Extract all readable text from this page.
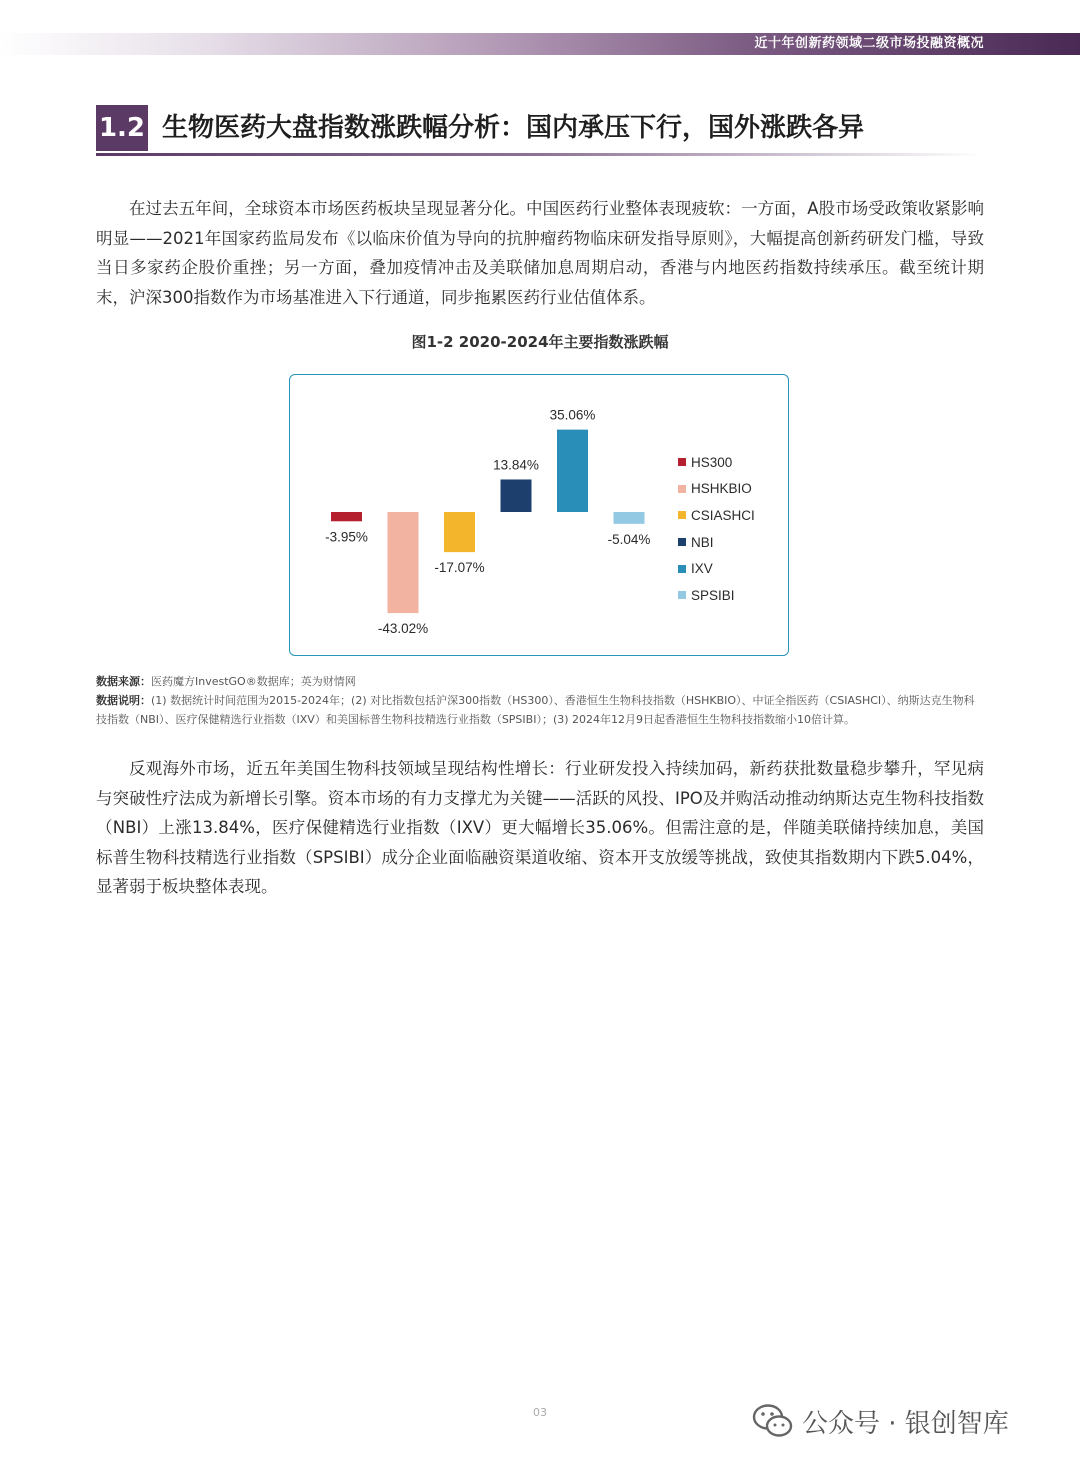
近十年创新药领域二级市场投融资概况
1.2 生物医药大盘指数涨跌幅分析：国内承压下行，国外涨跌各异
在过去五年间，全球资本市场医药板块呈现显著分化。中国医药行业整体表现疲软：一方面，A股市场受政策收紧影响明显——2021年国家药监局发布《以临床价值为导向的抗肿瘤药物临床研发指导原则》，大幅提高创新药研发门槛，导致当日多家药企股价重挫；另一方面，叠加疫情冲击及美联储加息周期启动，香港与内地医药指数持续承压。截至统计期末，沪深300指数作为市场基准进入下行通道，同步拖累医药行业估值体系。
图1-2 2020-2024年主要指数涨跌幅
-3.95%
-43.02%
-17.07%
13.84%
35.06%
-5.04%
HS300
HSHKBIO
CSIASHCI
NBI
IXV
SPSIBI
数据来源：医药魔方InvestGO®数据库；英为财情网
数据说明：(1) 数据统计时间范围为2015-2024年；(2) 对比指数包括沪深300指数（HS300）、香港恒生生物科技指数（HSHKBIO）、中证全指医药（CSIASHCI）、纳斯达克生物科技指数（NBI）、医疗保健精选行业指数（IXV）和美国标普生物科技精选行业指数（SPSIBI）；(3) 2024年12月9日起香港恒生生物科技指数缩小10倍计算。
反观海外市场，近五年美国生物科技领域呈现结构性增长：行业研发投入持续加码，新药获批数量稳步攀升，罕见病与突破性疗法成为新增长引擎。资本市场的有力支撑尤为关键——活跃的风投、IPO及并购活动推动纳斯达克生物科技指数（NBI）上涨13.84%，医疗保健精选行业指数（IXV）更大幅增长35.06%。但需注意的是，伴随美联储持续加息，美国标普生物科技精选行业指数（SPSIBI）成分企业面临融资渠道收缩、资本开支放缓等挑战，致使其指数期内下跌5.04%，显著弱于板块整体表现。
03	公众号 · 银创智库
